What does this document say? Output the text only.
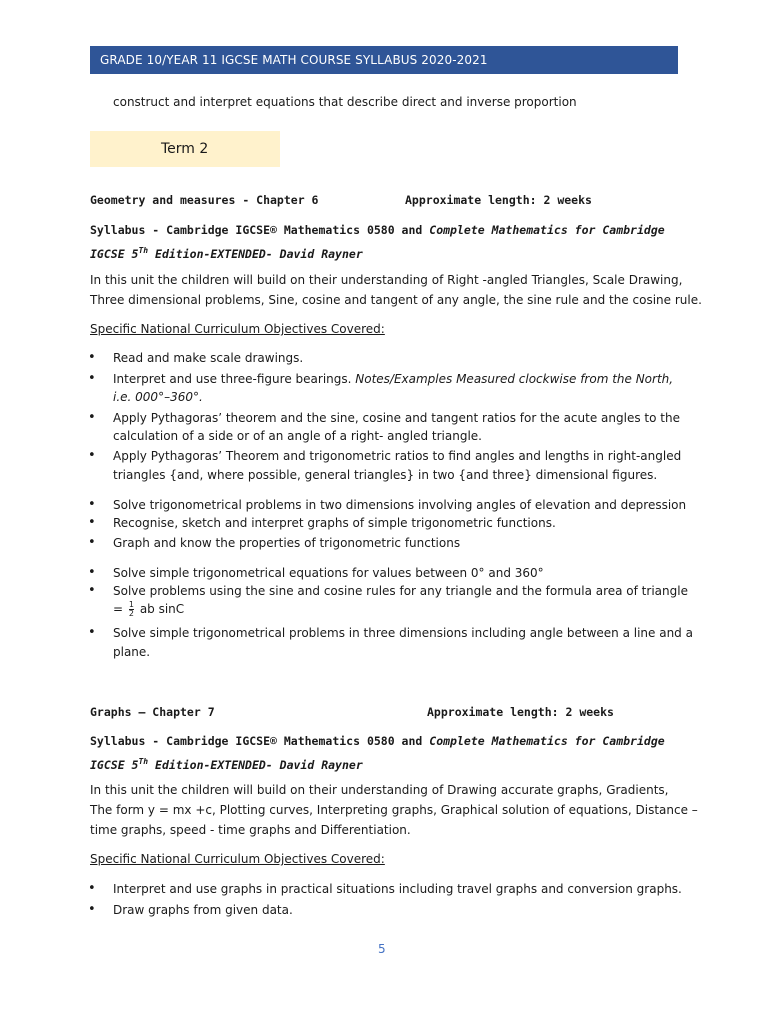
GRADE 10/YEAR 11 IGCSE MATH COURSE SYLLABUS 2020-2021
construct and interpret equations that describe direct and inverse proportion
Term 2
Geometry and measures - Chapter 6	Approximate length: 2 weeks
Syllabus - Cambridge IGCSE® Mathematics 0580 and Complete Mathematics for Cambridge
IGCSE 5Th Edition-EXTENDED- David Rayner
In this unit the children will build on their understanding of Right -angled Triangles, Scale Drawing,
Three dimensional problems, Sine, cosine and tangent of any angle, the sine rule and the cosine rule.
Specific National Curriculum Objectives Covered:
• Read and make scale drawings.
• Interpret and use three-figure bearings. Notes/Examples Measured clockwise from the North,
i.e. 000°–360°.
• Apply Pythagoras’ theorem and the sine, cosine and tangent ratios for the acute angles to the
calculation of a side or of an angle of a right- angled triangle.
• Apply Pythagoras’ Theorem and trigonometric ratios to find angles and lengths in right-angled
triangles {and, where possible, general triangles} in two {and three} dimensional figures.
• Solve trigonometrical problems in two dimensions involving angles of elevation and depression
• Recognise, sketch and interpret graphs of simple trigonometric functions.
• Graph and know the properties of trigonometric functions
• Solve simple trigonometrical equations for values between 0° and 360°
• Solve problems using the sine and cosine rules for any triangle and the formula area of triangle
= $\frac{1}{2}$ ab sinC
• Solve simple trigonometrical problems in three dimensions including angle between a line and a
plane.
Graphs – Chapter 7	Approximate length: 2 weeks
Syllabus - Cambridge IGCSE® Mathematics 0580 and Complete Mathematics for Cambridge
IGCSE 5Th Edition-EXTENDED- David Rayner
In this unit the children will build on their understanding of Drawing accurate graphs, Gradients,
The form y = mx +c, Plotting curves, Interpreting graphs, Graphical solution of equations, Distance –
time graphs, speed - time graphs and Differentiation.
Specific National Curriculum Objectives Covered:
• Interpret and use graphs in practical situations including travel graphs and conversion graphs.
• Draw graphs from given data.
5
